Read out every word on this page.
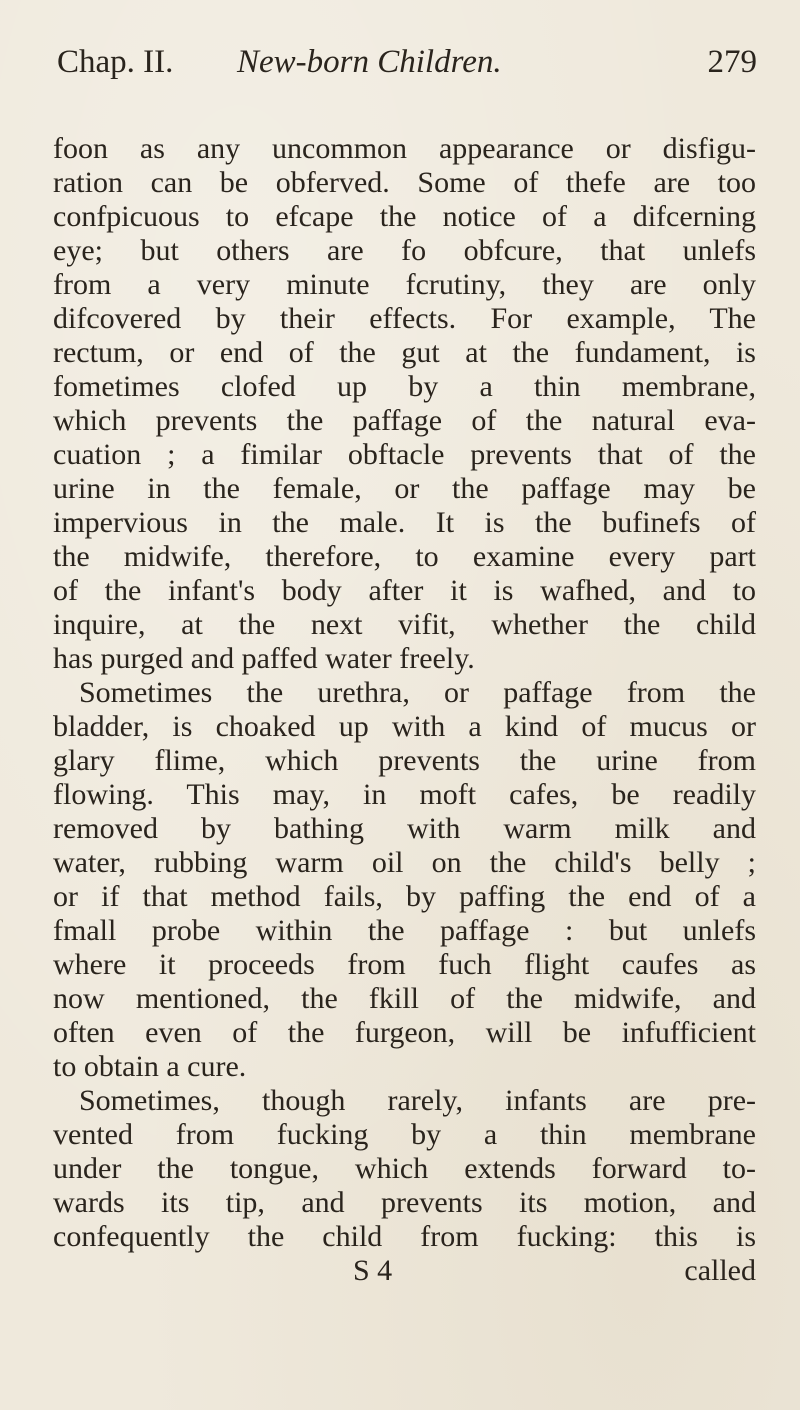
Chap. II. New-born Children.	279
foon as any uncommon appearance or disfigu-
ration can be obferved. Some of thefe are too
confpicuous to efcape the notice of a difcerning
eye; but others are fo obfcure, that unlefs
from a very minute fcrutiny, they are only
difcovered by their effects. For example, The
rectum, or end of the gut at the fundament, is
fometimes clofed up by a thin membrane,
which prevents the paffage of the natural eva-
cuation ; a fimilar obftacle prevents that of the
urine in the female, or the paffage may be
impervious in the male. It is the bufinefs of
the midwife, therefore, to examine every part
of the infant's body after it is wafhed, and to
inquire, at the next vifit, whether the child
has purged and paffed water freely.
Sometimes the urethra, or paffage from the
bladder, is choaked up with a kind of mucus or
glary flime, which prevents the urine from
flowing. This may, in moft cafes, be readily
removed by bathing with warm milk and
water, rubbing warm oil on the child's belly ;
or if that method fails, by paffing the end of a
fmall probe within the paffage : but unlefs
where it proceeds from fuch flight caufes as
now mentioned, the fkill of the midwife, and
often even of the furgeon, will be infufficient
to obtain a cure.
Sometimes, though rarely, infants are pre-
vented from fucking by a thin membrane
under the tongue, which extends forward to-
wards its tip, and prevents its motion, and
confequently the child from fucking: this is
S 4	called
